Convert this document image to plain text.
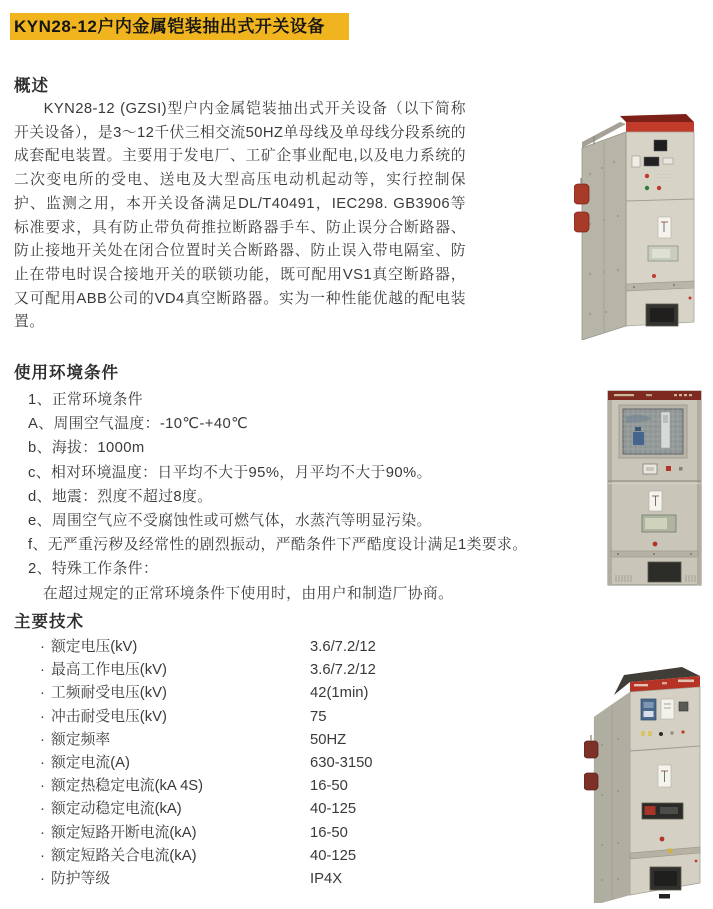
KYN28-12户内金属铠装抽出式开关设备
概述
KYN28-12 (GZSI)型户内金属铠装抽出式开关设备（以下简称开关设备），是3～12千伏三相交流50HZ单母线及单母线分段系统的成套配电装置。主要用于发电厂、工矿企事业配电,以及电力系统的二次变电所的受电、送电及大型高压电动机起动等，实行控制保护、监测之用，本开关设备满足DL/T40491，IEC298. GB3906等标准要求，具有防止带负荷推拉断路器手车、防止误分合断路器、防止接地开关处在闭合位置时关合断路器、防止误入带电隔室、防止在带电时误合接地开关的联锁功能，既可配用VS1真空断路器，又可配用ABB公司的VD4真空断路器。实为一种性能优越的配电装置。
使用环境条件
1、正常环境条件
A、周围空气温度：-10℃-+40℃
b、海拔：1000m
c、相对环境温度：日平均不大于95%，月平均不大于90%。
d、地震：烈度不超过8度。
e、周围空气应不受腐蚀性或可燃气体，水蒸汽等明显污染。
f、无严重污秽及经常性的剧烈振动，严酷条件下严酷度设计满足1类要求。
2、特殊工作条件：
在超过规定的正常环境条件下使用时，由用户和制造厂协商。
主要技术
· 额定电压(kV)	3.6/7.2/12
· 最高工作电压(kV)	3.6/7.2/12
· 工频耐受电压(kV)	42(1min)
· 冲击耐受电压(kV)	75
· 额定频率	50HZ
· 额定电流(A)	630-3150
· 额定热稳定电流(kA 4S)	16-50
· 额定动稳定电流(kA)	40-125
· 额定短路开断电流(kA)	16-50
· 额定短路关合电流(kA)	40-125
· 防护等级	IP4X
